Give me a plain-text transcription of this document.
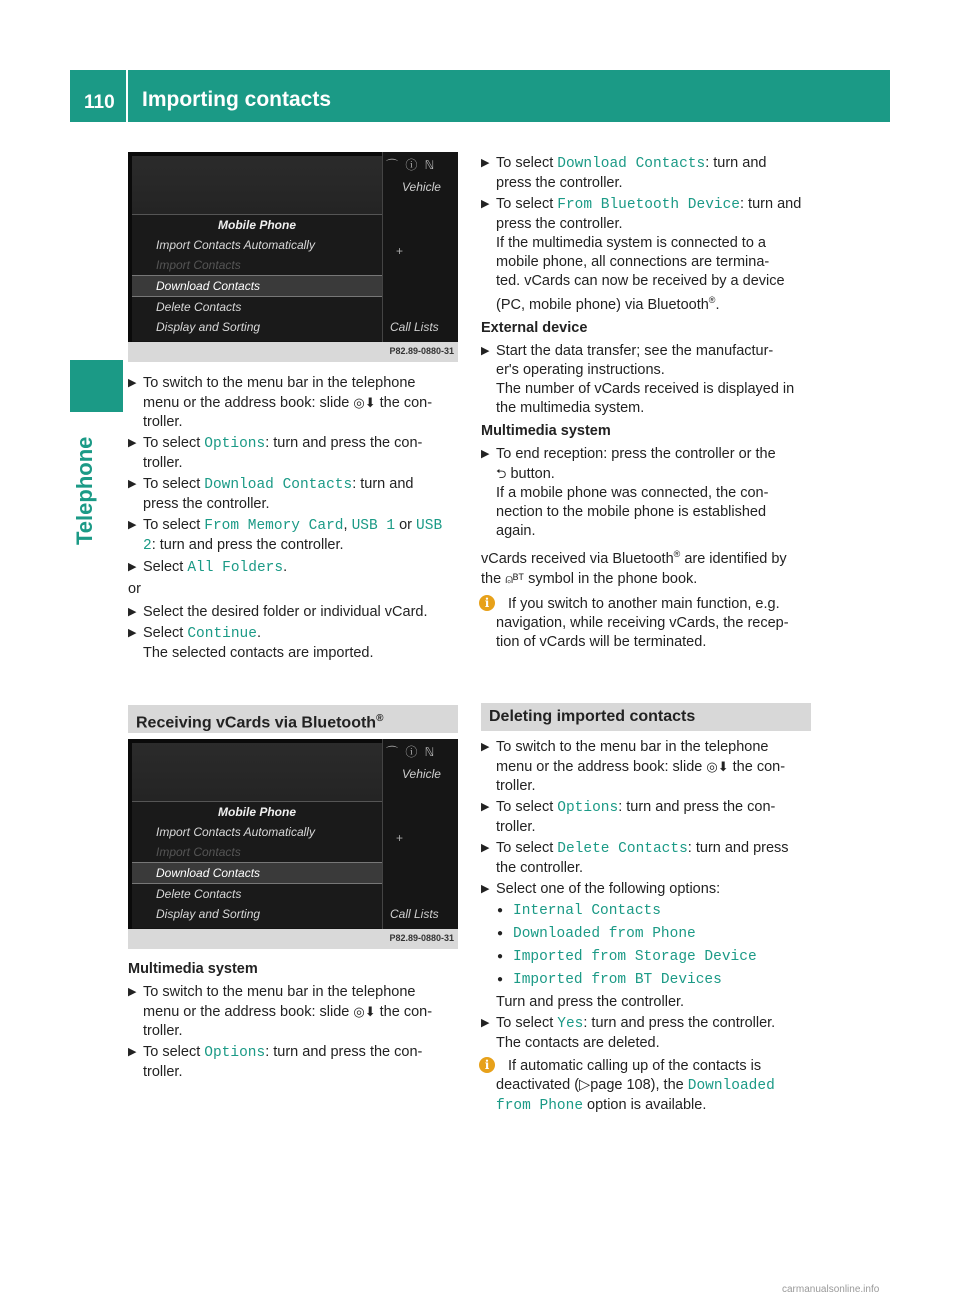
110 Importing contacts
Telephone
⌒ ⓘ ℕ
Vehicle
+
Mobile Phone
Import Contacts Automatically
Import Contacts
Download Contacts
Delete Contacts
Display and Sorting	Call Lists
P82.89-0880-31
▶ To switch to the menu bar in the telephone
menu or the address book: slide ◎⬇ the con-
troller.
▶ To select Options: turn and press the con-
troller.
▶ To select Download Contacts: turn and
press the controller.
▶ To select From Memory Card, USB 1 or USB
2: turn and press the controller.
▶ Select All Folders.
or
▶ Select the desired folder or individual vCard.
▶ Select Continue.
The selected contacts are imported.
Receiving vCards via Bluetooth®
⌒ ⓘ ℕ
Vehicle
+
Mobile Phone
Import Contacts Automatically
Import Contacts
Download Contacts
Delete Contacts
Display and Sorting	Call Lists
P82.89-0880-31
Multimedia system
▶ To switch to the menu bar in the telephone
menu or the address book: slide ◎⬇ the con-
troller.
▶ To select Options: turn and press the con-
troller.
▶ To select Download Contacts: turn and
press the controller.
▶ To select From Bluetooth Device: turn and
press the controller.
If the multimedia system is connected to a
mobile phone, all connections are termina-
ted. vCards can now be received by a device
(PC, mobile phone) via Bluetooth®.
External device
▶ Start the data transfer; see the manufactur-
er's operating instructions.
The number of vCards received is displayed in
the multimedia system.
Multimedia system
▶ To end reception: press the controller or the
⮌ button.
If a mobile phone was connected, the con-
nection to the mobile phone is established
again.
vCards received via Bluetooth® are identified by
the ⍝ᴮᵀ symbol in the phone book.
i	If you switch to another main function, e.g.
navigation, while receiving vCards, the recep-
tion of vCards will be terminated.
Deleting imported contacts
▶ To switch to the menu bar in the telephone
menu or the address book: slide ◎⬇ the con-
troller.
▶ To select Options: turn and press the con-
troller.
▶ To select Delete Contacts: turn and press
the controller.
▶ Select one of the following options:
● Internal Contacts
● Downloaded from Phone
● Imported from Storage Device
● Imported from BT Devices
Turn and press the controller.
▶ To select Yes: turn and press the controller.
The contacts are deleted.
i	If automatic calling up of the contacts is
deactivated (▷page 108), the Downloaded
from Phone option is available.
carmanualsonline.info
